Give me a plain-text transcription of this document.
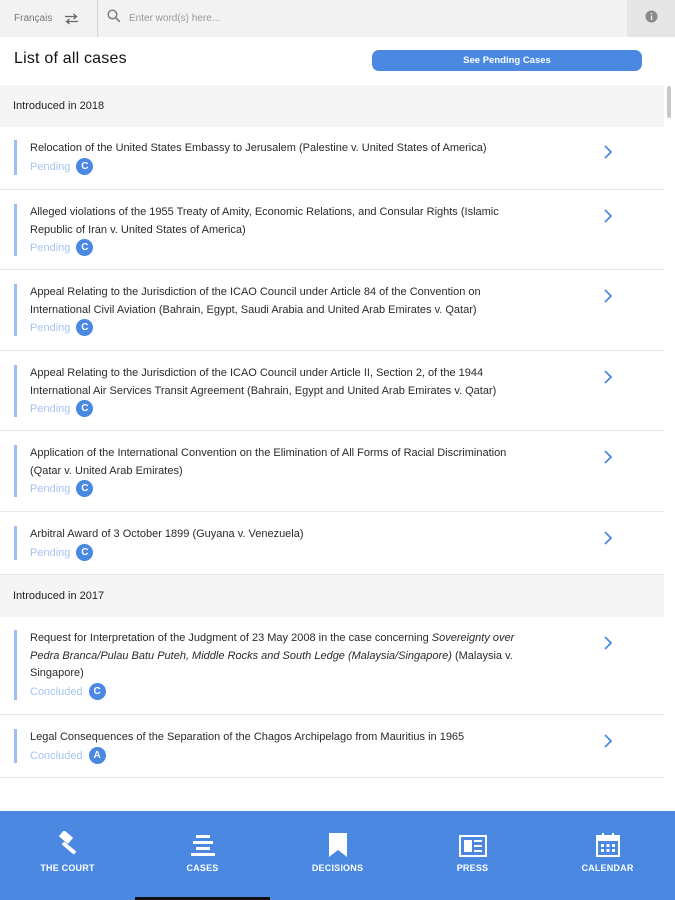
Français
Enter word(s) here...
List of all cases	See Pending Cases
Introduced in 2018
Relocation of the United States Embassy to Jerusalem (Palestine v. United States of America)
Pending	C
Alleged violations of the 1955 Treaty of Amity, Economic Relations, and Consular Rights (Islamic
Republic of Iran v. United States of America)
Pending	C
Appeal Relating to the Jurisdiction of the ICAO Council under Article 84 of the Convention on
International Civil Aviation (Bahrain, Egypt, Saudi Arabia and United Arab Emirates v. Qatar)
Pending	C
Appeal Relating to the Jurisdiction of the ICAO Council under Article II, Section 2, of the 1944
International Air Services Transit Agreement (Bahrain, Egypt and United Arab Emirates v. Qatar)
Pending	C
Application of the International Convention on the Elimination of All Forms of Racial Discrimination
(Qatar v. United Arab Emirates)
Pending	C
Arbitral Award of 3 October 1899 (Guyana v. Venezuela)
Pending	C
Introduced in 2017
Request for Interpretation of the Judgment of 23 May 2008 in the case concerning Sovereignty over
Pedra Branca/Pulau Batu Puteh, Middle Rocks and South Ledge (Malaysia/Singapore) (Malaysia v.
Singapore)
Concluded	C
Legal Consequences of the Separation of the Chagos Archipelago from Mauritius in 1965
Concluded	A
THE COURT	CASES	DECISIONS	PRESS	CALENDAR
